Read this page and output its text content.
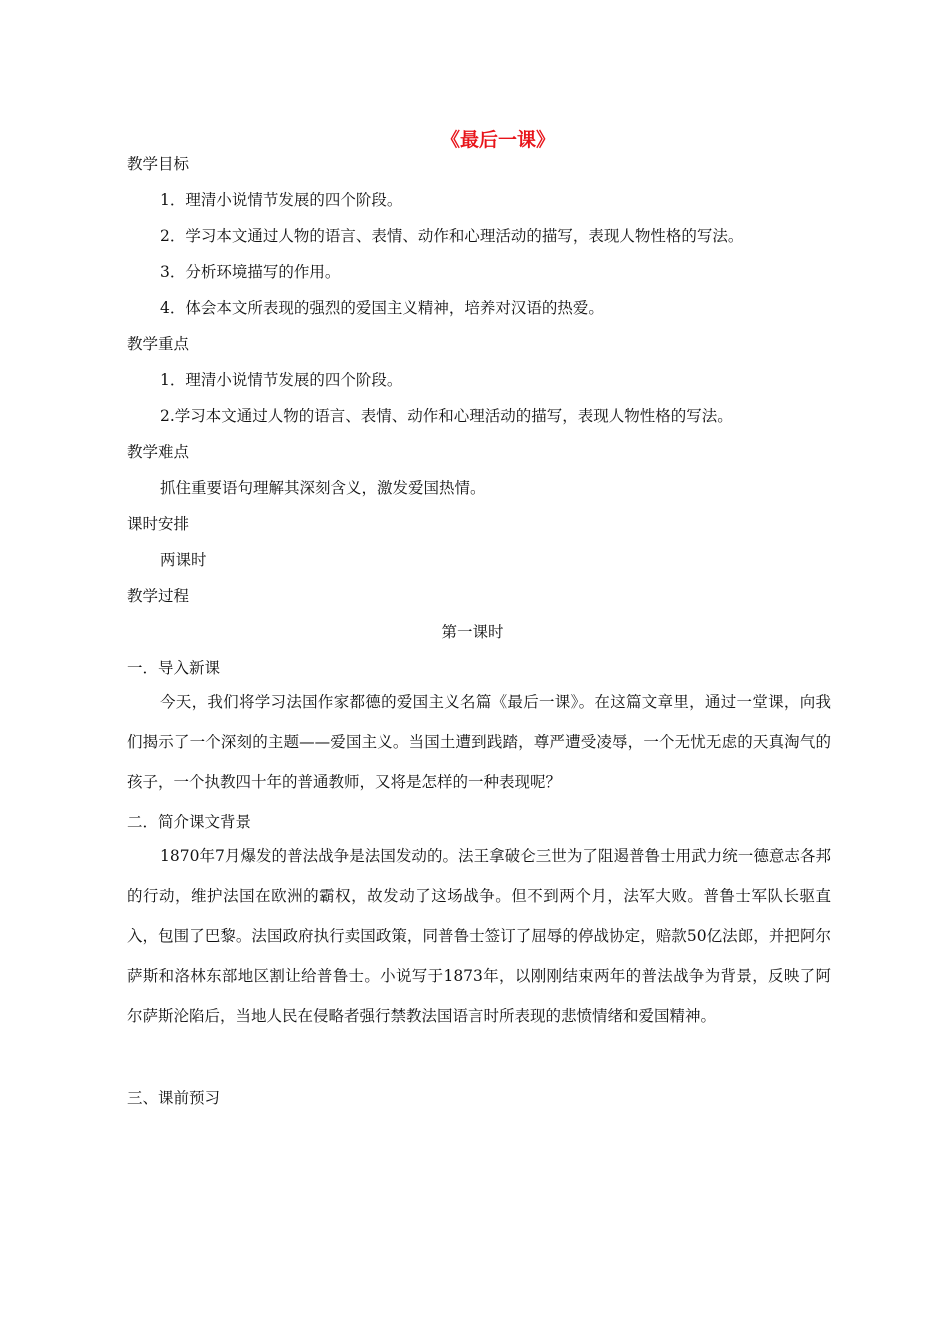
《最后一课》
教学目标
1．理清小说情节发展的四个阶段。
2．学习本文通过人物的语言、表情、动作和心理活动的描写，表现人物性格的写法。
3．分析环境描写的作用。
4．体会本文所表现的强烈的爱国主义精神，培养对汉语的热爱。
教学重点
1．理清小说情节发展的四个阶段。
2.学习本文通过人物的语言、表情、动作和心理活动的描写，表现人物性格的写法。
教学难点
抓住重要语句理解其深刻含义，激发爱国热情。
课时安排
两课时
教学过程
第一课时
一．导入新课
今天，我们将学习法国作家都德的爱国主义名篇《最后一课》。在这篇文章里，通过一堂课，向我们揭示了一个深刻的主题——爱国主义。当国土遭到践踏，尊严遭受凌辱，一个无忧无虑的天真淘气的孩子，一个执教四十年的普通教师，又将是怎样的一种表现呢？
二．简介课文背景
1870年7月爆发的普法战争是法国发动的。法王拿破仑三世为了阻遏普鲁士用武力统一德意志各邦的行动，维护法国在欧洲的霸权，故发动了这场战争。但不到两个月，法军大败。普鲁士军队长驱直入，包围了巴黎。法国政府执行卖国政策，同普鲁士签订了屈辱的停战协定，赔款50亿法郎，并把阿尔萨斯和洛林东部地区割让给普鲁士。小说写于1873年，以刚刚结束两年的普法战争为背景，反映了阿尔萨斯沦陷后，当地人民在侵略者强行禁教法国语言时所表现的悲愤情绪和爱国精神。
三、课前预习
